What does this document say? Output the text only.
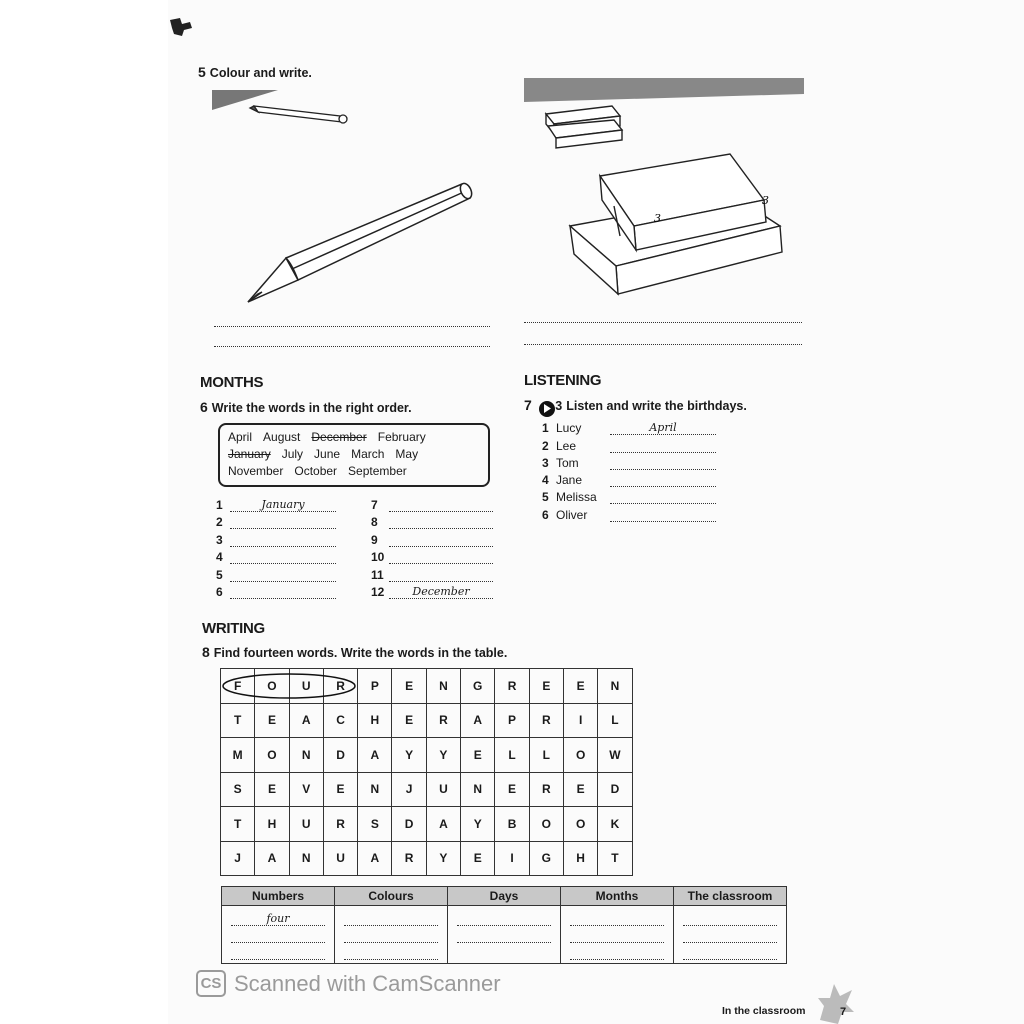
5 Colour and write.
3
3
MONTHS
6 Write the words in the right order.
April August December FebruaryJanuary July June March MayNovember October September
1	January
2
3
4
5
6
7
8
9
10
11
12	December
LISTENING
7 3 Listen and write the birthdays.
1 Lucy	April
2 Lee
3 Tom
4 Jane
5 Melissa
6 Oliver
WRITING
8 Find fourteen words. Write the words in the table.
F	O	U	R	P	E	N	G	R	E	E	N
T	E	A	C	H	E	R	A	P	R	I	L
M	O	N	D	A	Y	Y	E	L	L	O	W
S	E	V	E	N	J	U	N	E	R	E	D
T	H	U	R	S	D	A	Y	B	O	O	K
J	A	N	U	A	R	Y	E	I	G	H	T
Numbers	Colours	Days	Months	The classroom

four				

CS Scanned with CamScanner
In the classroom	7
